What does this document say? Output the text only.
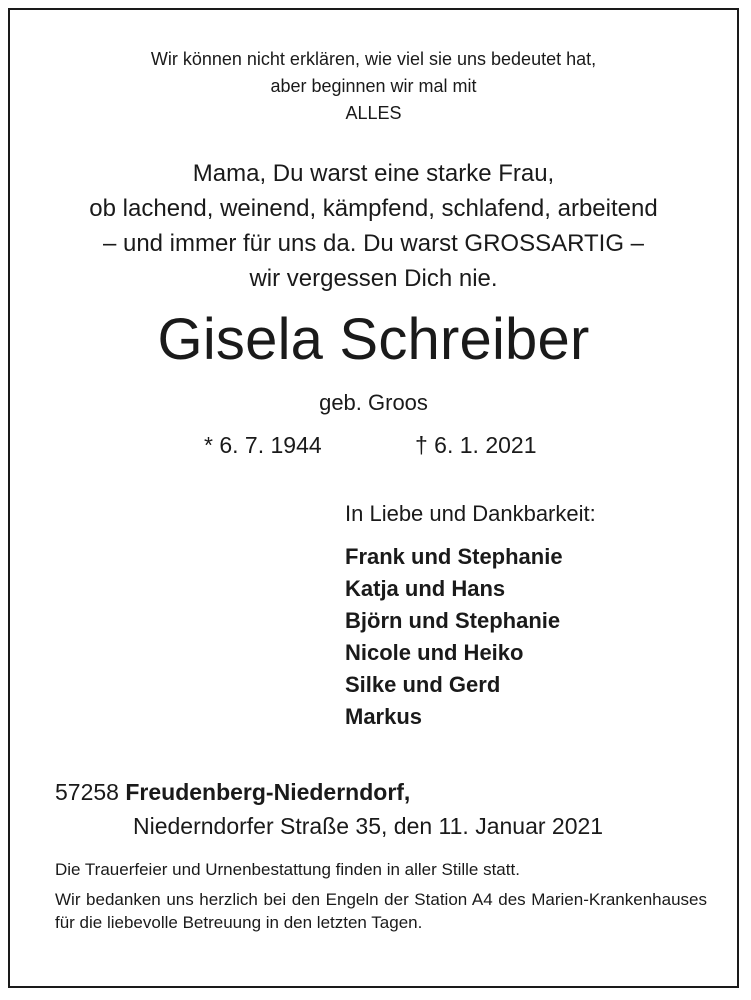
Wir können nicht erklären, wie viel sie uns bedeutet hat,
aber beginnen wir mal mit
ALLES
Mama, Du warst eine starke Frau,
ob lachend, weinend, kämpfend, schlafend, arbeitend
– und immer für uns da. Du warst GROSSARTIG –
wir vergessen Dich nie.
Gisela Schreiber
geb. Groos
* 6. 7. 1944	† 6. 1. 2021
In Liebe und Dankbarkeit:
Frank und Stephanie
Katja und Hans
Björn und Stephanie
Nicole und Heiko
Silke und Gerd
Markus
57258 Freudenberg-Niederndorf,
Niederndorfer Straße 35, den 11. Januar 2021
Die Trauerfeier und Urnenbestattung finden in aller Stille statt.
Wir bedanken uns herzlich bei den Engeln der Station A4 des Marien-Krankenhauses für die liebevolle Betreuung in den letzten Tagen.
